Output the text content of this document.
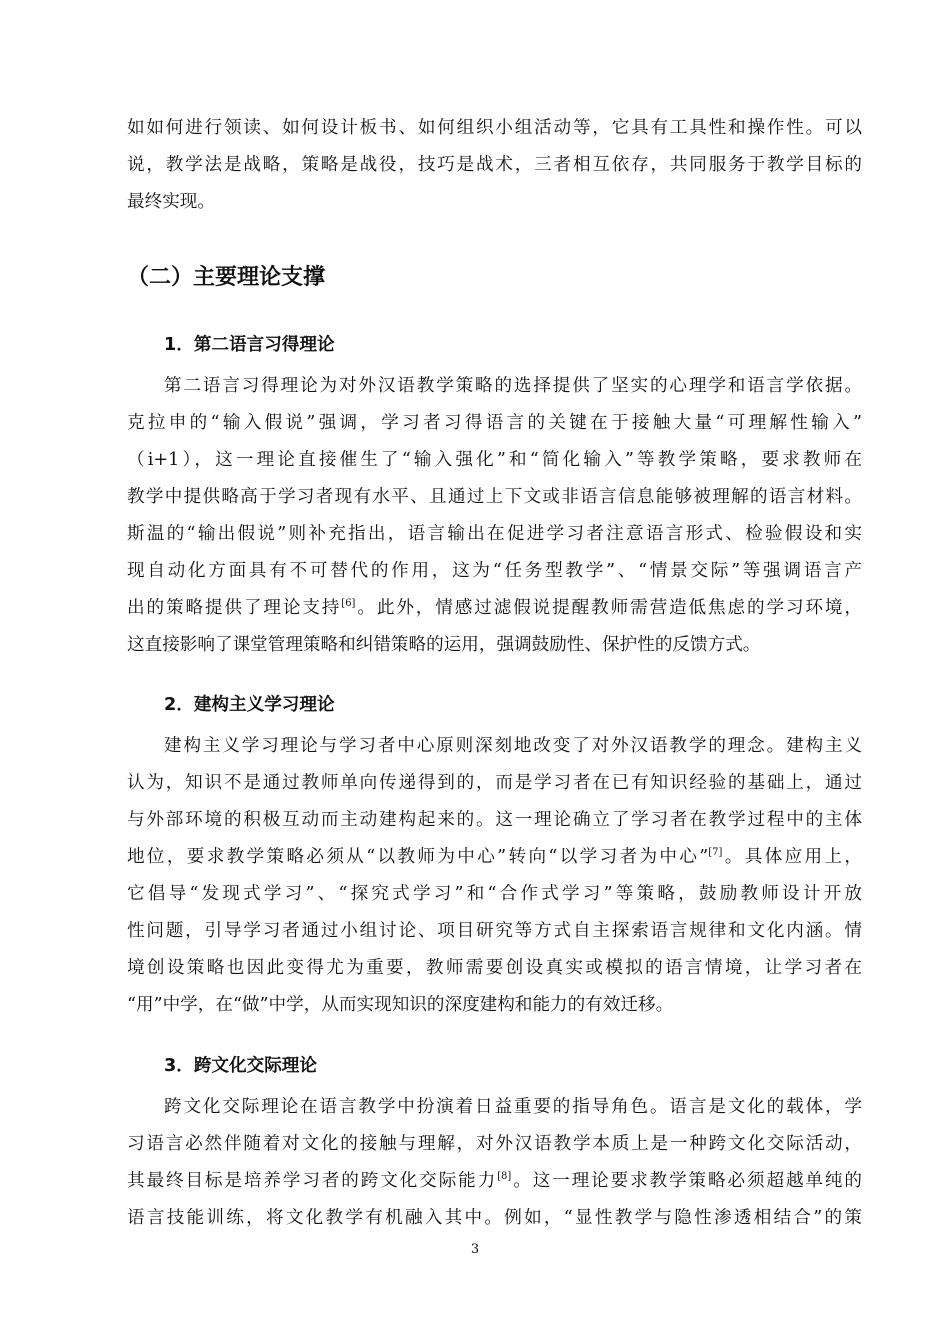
如如何进行领读、如何设计板书、如何组织小组活动等，它具有工具性和操作性。可以
说，教学法是战略，策略是战役，技巧是战术，三者相互依存，共同服务于教学目标的
最终实现。
（二）主要理论支撑
1．第二语言习得理论
第二语言习得理论为对外汉语教学策略的选择提供了坚实的心理学和语言学依据。
克拉申的“输入假说”强调，学习者习得语言的关键在于接触大量“可理解性输入”
（i+1），这一理论直接催生了“输入强化”和“简化输入”等教学策略，要求教师在
教学中提供略高于学习者现有水平、且通过上下文或非语言信息能够被理解的语言材料。
斯温的“输出假说”则补充指出，语言输出在促进学习者注意语言形式、检验假设和实
现自动化方面具有不可替代的作用，这为“任务型教学”、“情景交际”等强调语言产
出的策略提供了理论支持[6]。此外，情感过滤假说提醒教师需营造低焦虑的学习环境，
这直接影响了课堂管理策略和纠错策略的运用，强调鼓励性、保护性的反馈方式。
2．建构主义学习理论
建构主义学习理论与学习者中心原则深刻地改变了对外汉语教学的理念。建构主义
认为，知识不是通过教师单向传递得到的，而是学习者在已有知识经验的基础上，通过
与外部环境的积极互动而主动建构起来的。这一理论确立了学习者在教学过程中的主体
地位，要求教学策略必须从“以教师为中心”转向“以学习者为中心”[7]。具体应用上，
它倡导“发现式学习”、“探究式学习”和“合作式学习”等策略，鼓励教师设计开放
性问题，引导学习者通过小组讨论、项目研究等方式自主探索语言规律和文化内涵。情
境创设策略也因此变得尤为重要，教师需要创设真实或模拟的语言情境，让学习者在
“用”中学，在“做”中学，从而实现知识的深度建构和能力的有效迁移。
3．跨文化交际理论
跨文化交际理论在语言教学中扮演着日益重要的指导角色。语言是文化的载体，学
习语言必然伴随着对文化的接触与理解，对外汉语教学本质上是一种跨文化交际活动，
其最终目标是培养学习者的跨文化交际能力[8]。这一理论要求教学策略必须超越单纯的
语言技能训练，将文化教学有机融入其中。例如，“显性教学与隐性渗透相结合”的策
3
